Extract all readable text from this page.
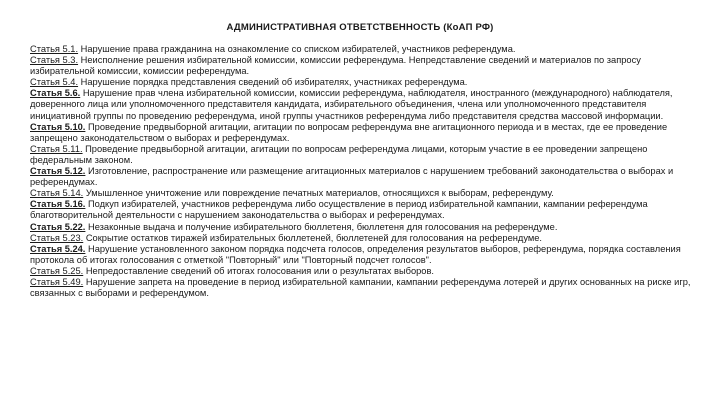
АДМИНИСТРАТИВНАЯ ОТВЕТСТВЕННОСТЬ (КоАП РФ)

Статья 5.1. Нарушение права гражданина на ознакомление со списком избирателей, участников референдума.

Статья 5.3. Неисполнение решения избирательной комиссии, комиссии референдума. Непредставление сведений и материалов по запросу избирательной комиссии, комиссии референдума.

Статья 5.4. Нарушение порядка представления сведений об избирателях, участниках референдума.

Статья 5.6. Нарушение прав члена избирательной комиссии, комиссии референдума, наблюдателя, иностранного (международного) наблюдателя, доверенного лица или уполномоченного представителя кандидата, избирательного объединения, члена или уполномоченного представителя инициативной группы по проведению референдума, иной группы участников референдума либо представителя средства массовой информации.

Статья 5.10. Проведение предвыборной агитации, агитации по вопросам референдума вне агитационного периода и в местах, где ее проведение запрещено законодательством о выборах и референдумах.

Статья 5.11. Проведение предвыборной агитации, агитации по вопросам референдума лицами, которым участие в ее проведении запрещено федеральным законом.

Статья 5.12. Изготовление, распространение или размещение агитационных материалов с нарушением требований законодательства о выборах и референдумах.

Статья 5.14. Умышленное уничтожение или повреждение печатных материалов, относящихся к выборам, референдуму.

Статья 5.16. Подкуп избирателей, участников референдума либо осуществление в период избирательной кампании, кампании референдума благотворительной деятельности с нарушением законодательства о выборах и референдумах.

Статья 5.22. Незаконные выдача и получение избирательного бюллетеня, бюллетеня для голосования на референдуме.

Статья 5.23. Сокрытие остатков тиражей избирательных бюллетеней, бюллетеней для голосования на референдуме.

Статья 5.24. Нарушение установленного законом порядка подсчета голосов, определения результатов выборов, референдума, порядка составления протокола об итогах голосования с отметкой "Повторный" или "Повторный подсчет голосов".

Статья 5.25. Непредоставление сведений об итогах голосования или о результатах выборов.

Статья 5.49. Нарушение запрета на проведение в период избирательной кампании, кампании референдума лотерей и других основанных на риске игр, связанных с выборами и референдумом.
